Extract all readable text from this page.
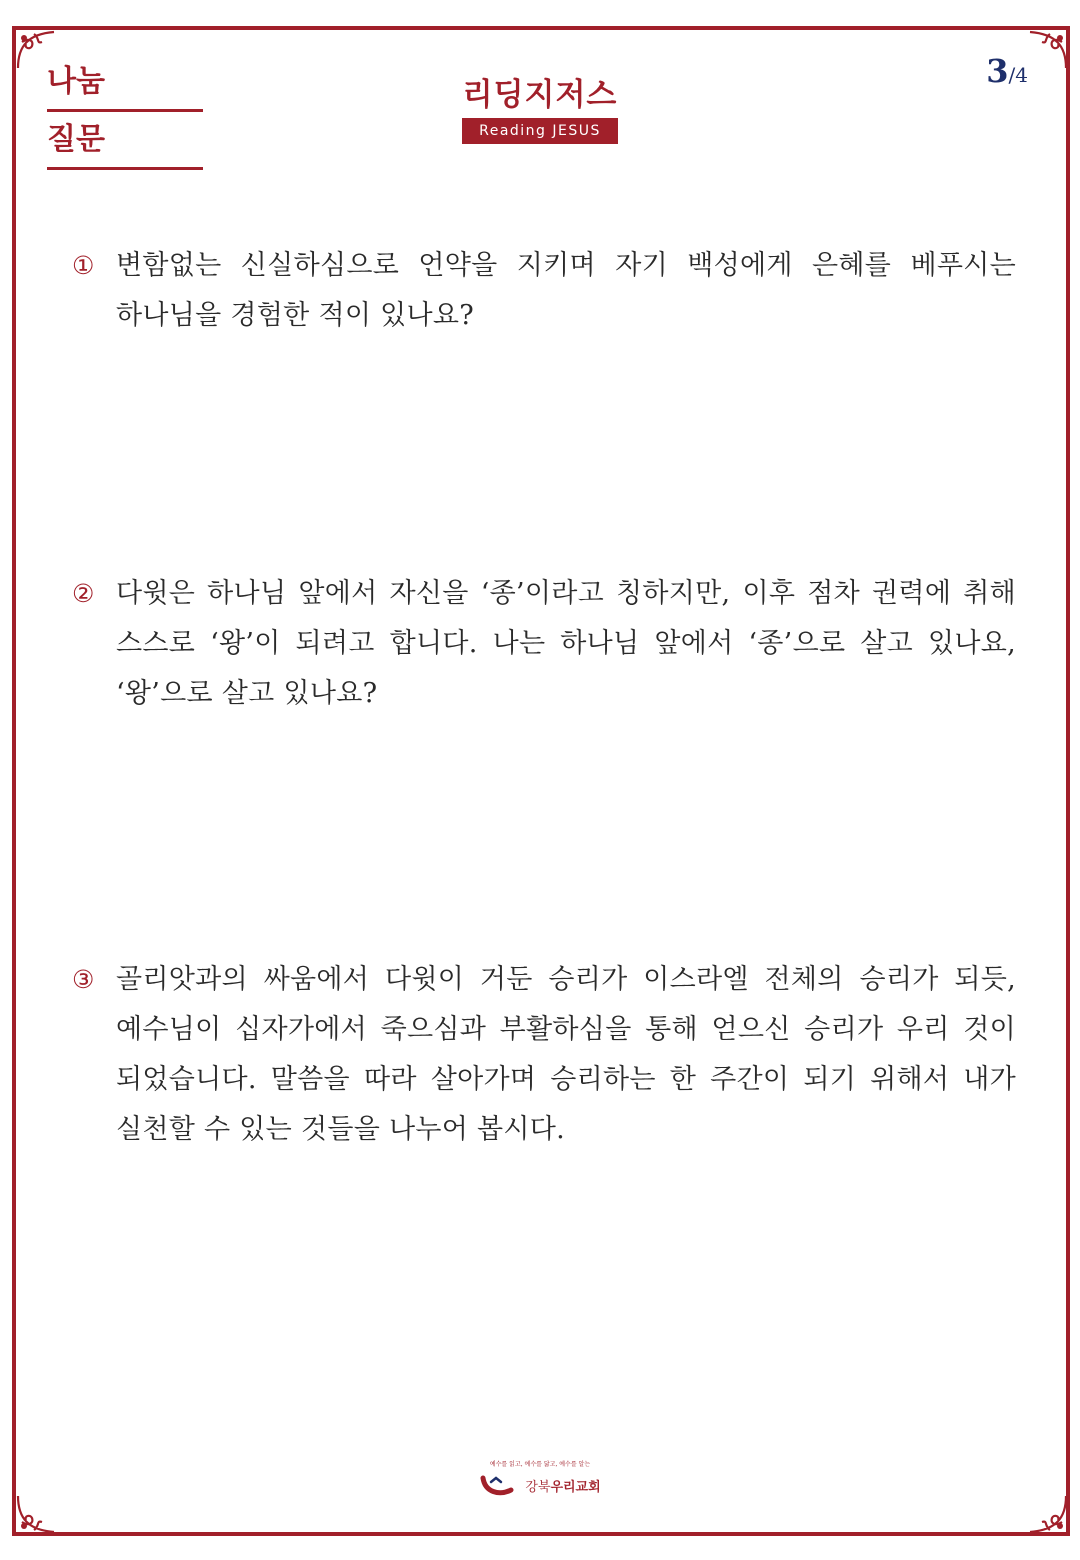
나눔
질문
리딩지저스
Reading JESUS
3/4
① 변함없는 신실하심으로 언약을 지키며 자기 백성에게 은혜를 베푸시는 하나님을 경험한 적이 있나요?

② 다윗은 하나님 앞에서 자신을 ‘종’이라고 칭하지만, 이후 점차 권력에 취해 스스로 ‘왕’이 되려고 합니다. 나는 하나님 앞에서 ‘종’으로 살고 있나요, ‘왕’으로 살고 있나요?

③ 골리앗과의 싸움에서 다윗이 거둔 승리가 이스라엘 전체의 승리가 되듯, 예수님이 십자가에서 죽으심과 부활하심을 통해 얻으신 승리가 우리 것이 되었습니다. 말씀을 따라 살아가며 승리하는 한 주간이 되기 위해서 내가 실천할 수 있는 것들을 나누어 봅시다.

예수를 읽고, 예수를 닮고, 예수를 알는
강북우리교회
